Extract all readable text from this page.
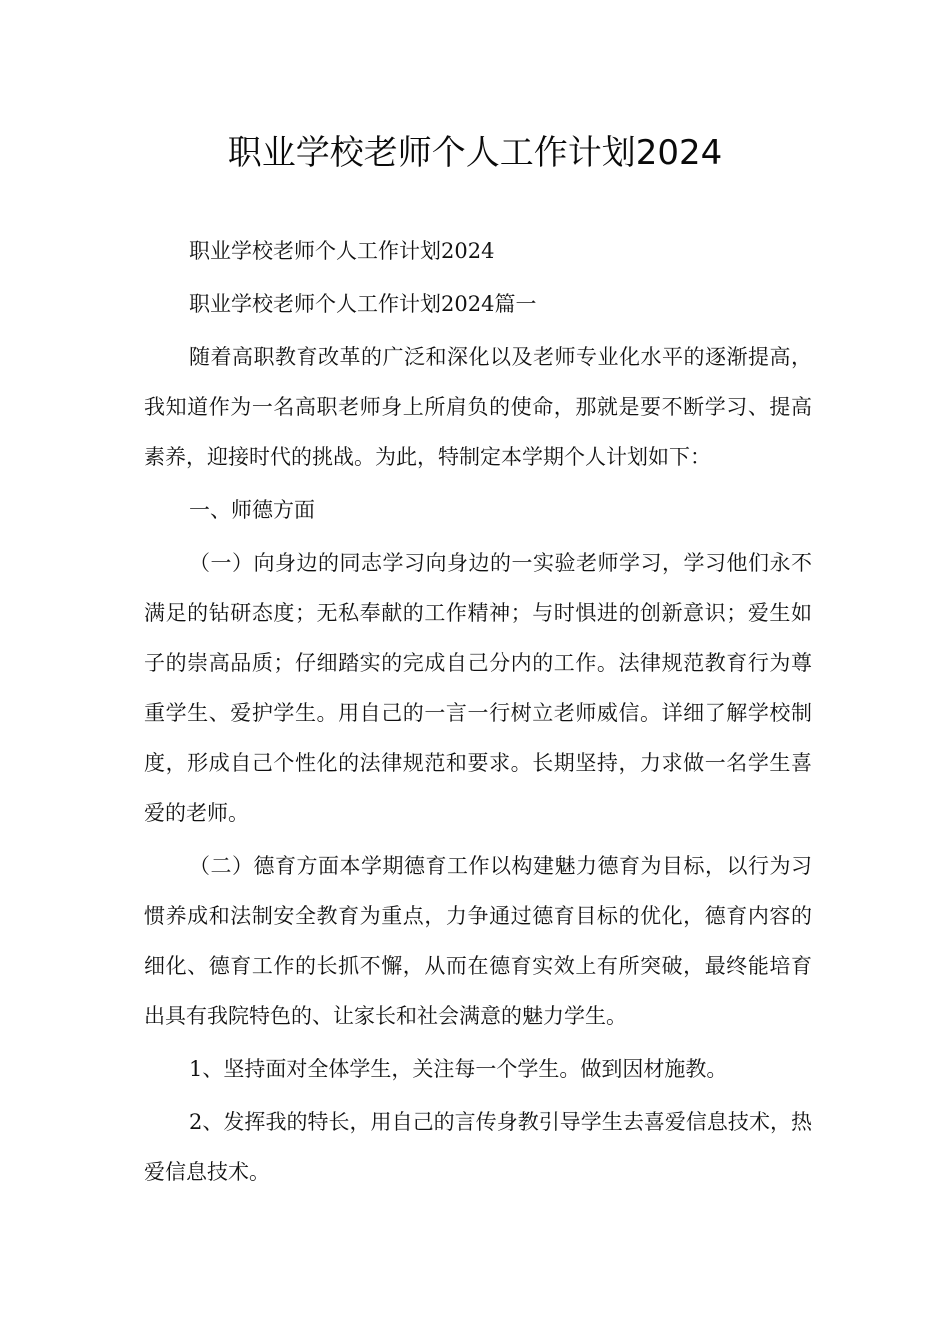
职业学校老师个人工作计划2024

职业学校老师个人工作计划2024

职业学校老师个人工作计划2024篇一

随着高职教育改革的广泛和深化以及老师专业化水平的逐渐提高，我知道作为一名高职老师身上所肩负的使命，那就是要不断学习、提高素养，迎接时代的挑战。为此，特制定本学期个人计划如下：

一、师德方面

（一）向身边的同志学习向身边的一实验老师学习，学习他们永不满足的钻研态度；无私奉献的工作精神；与时惧进的创新意识；爱生如子的崇高品质；仔细踏实的完成自己分内的工作。法律规范教育行为尊重学生、爱护学生。用自己的一言一行树立老师威信。详细了解学校制度，形成自己个性化的法律规范和要求。长期坚持，力求做一名学生喜爱的老师。

（二）德育方面本学期德育工作以构建魅力德育为目标，以行为习惯养成和法制安全教育为重点，力争通过德育目标的优化，德育内容的细化、德育工作的长抓不懈，从而在德育实效上有所突破，最终能培育出具有我院特色的、让家长和社会满意的魅力学生。

1、坚持面对全体学生，关注每一个学生。做到因材施教。

2、发挥我的特长，用自己的言传身教引导学生去喜爱信息技术，热爱信息技术。
